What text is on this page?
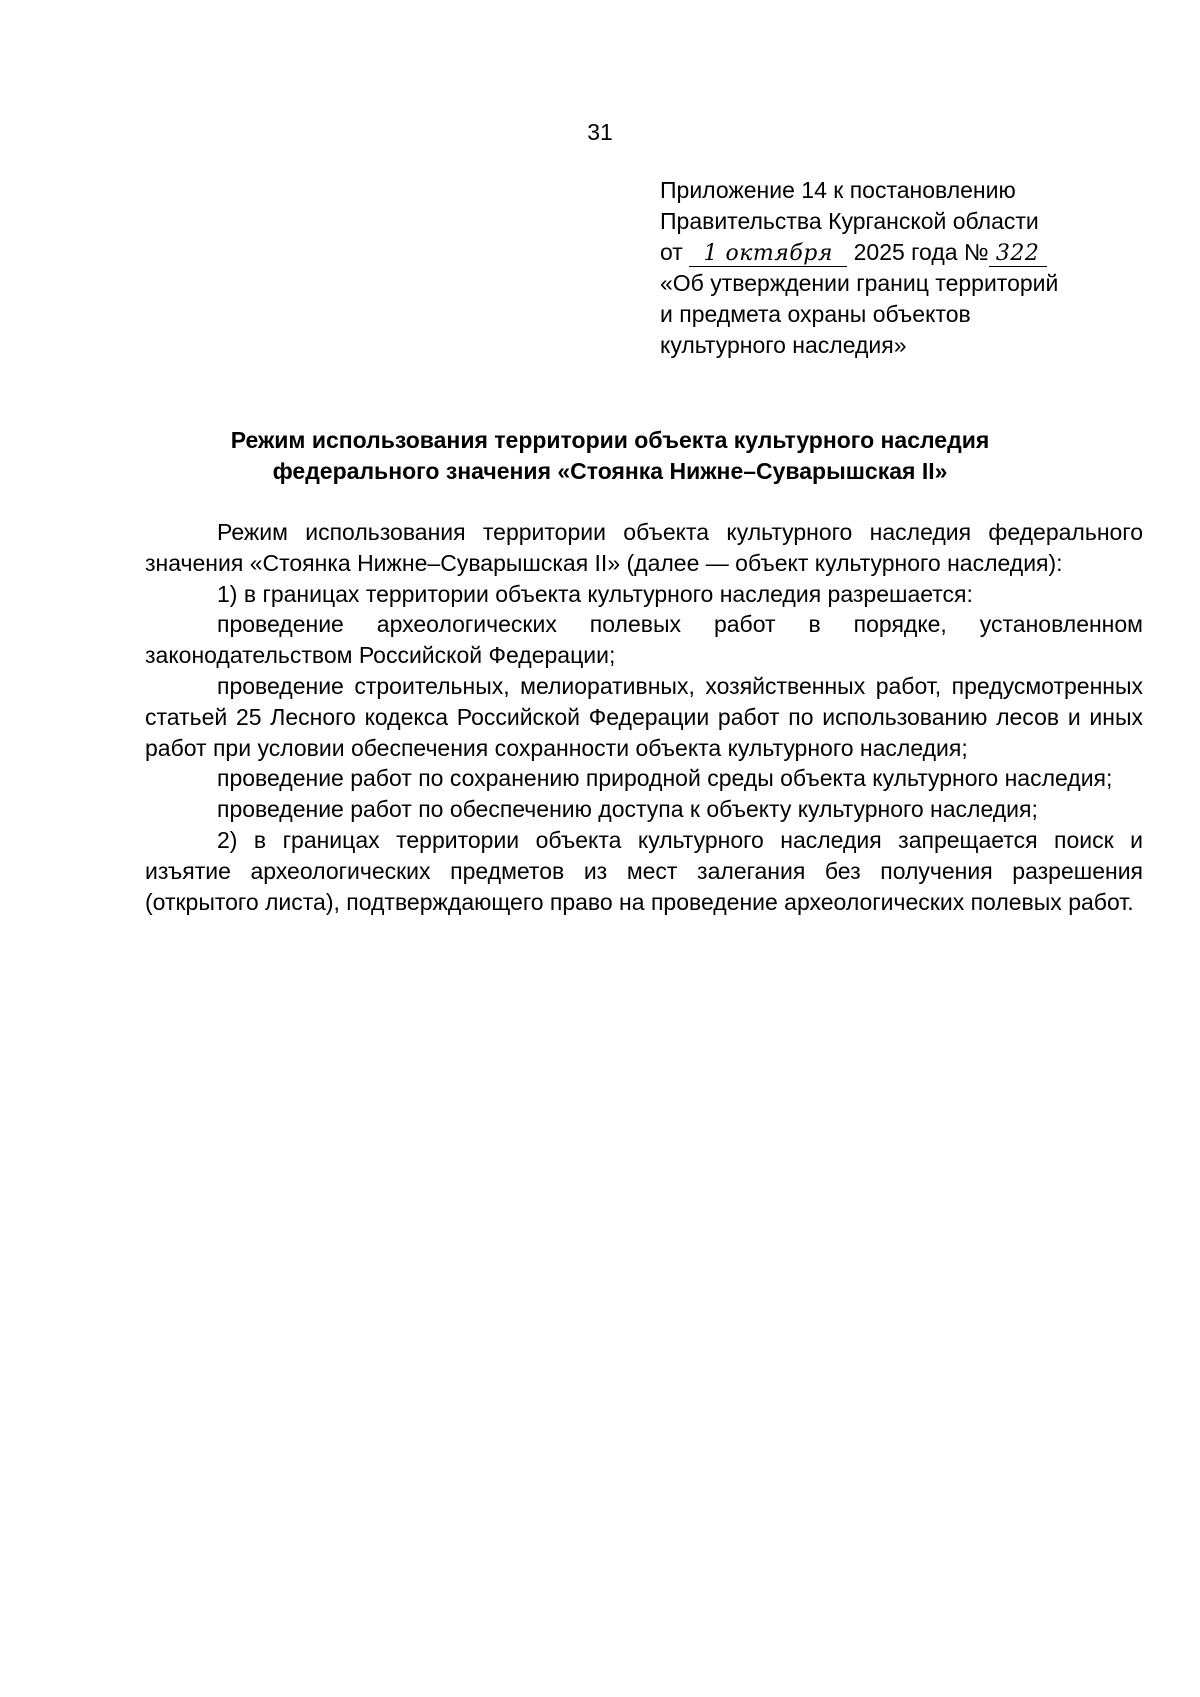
31
Приложение 14 к постановлению
Правительства Курганской области
от 1 октября 2025 года № 322
«Об утверждении границ территорий
и предмета охраны объектов
культурного наследия»
Режим использования территории объекта культурного наследия
федерального значения «Стоянка Нижне–Суварышская II»

Режим использования территории объекта культурного наследия федерального значения «Стоянка Нижне–Суварышская II» (далее — объект культурного наследия):

1) в границах территории объекта культурного наследия разрешается:

проведение археологических полевых работ в порядке, установленном законодательством Российской Федерации;

проведение строительных, мелиоративных, хозяйственных работ, предусмотренных статьей 25 Лесного кодекса Российской Федерации работ по использованию лесов и иных работ при условии обеспечения сохранности объекта культурного наследия;

проведение работ по сохранению природной среды объекта культурного наследия;

проведение работ по обеспечению доступа к объекту культурного наследия;

2) в границах территории объекта культурного наследия запрещается поиск и изъятие археологических предметов из мест залегания без получения разрешения (открытого листа), подтверждающего право на проведение археологических полевых работ.
